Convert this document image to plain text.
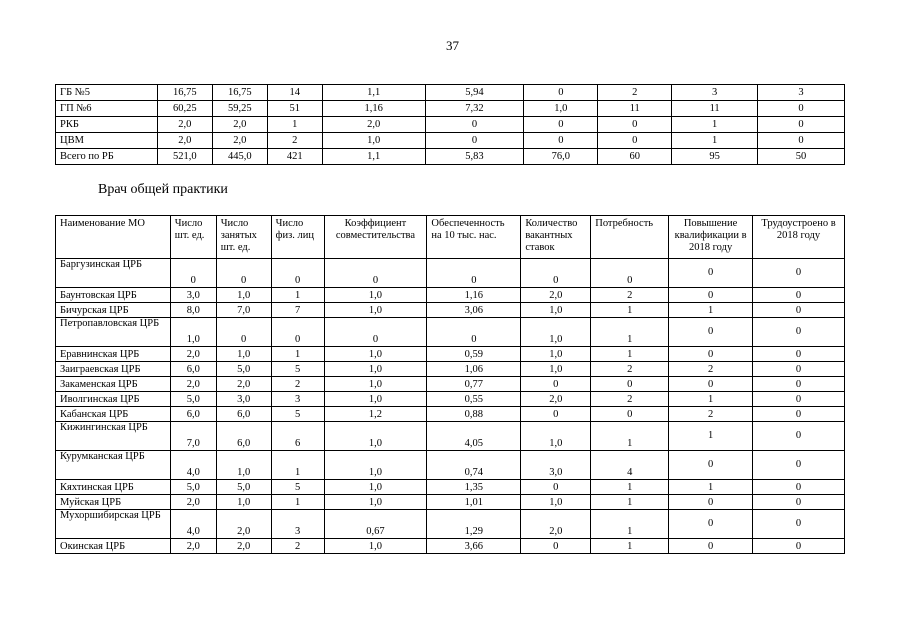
37
ГБ №5	16,75	16,75	14	1,1	5,94	0	2	3	3
ГП №6	60,25	59,25	51	1,16	7,32	1,0	11	11	0
РКБ	2,0	2,0	1	2,0	0	0	0	1	0
ЦВМ	2,0	2,0	2	1,0	0	0	0	1	0
Всего по РБ	521,0	445,0	421	1,1	5,83	76,0	60	95	50
Врач общей практики
Наименование МО	Число шт. ед.	Число занятых шт. ед.	Число физ. лиц	Коэффициент совместительства	Обеспеченность на 10 тыс. нас.	Количество вакантных ставок	Потребность	Повышение квалификации в 2018 году	Трудоустроено в 2018 году
Баргузинская ЦРБ	0	0	0	0	0	0	0	0	0
Баунтовская ЦРБ	3,0	1,0	1	1,0	1,16	2,0	2	0	0
Бичурская ЦРБ	8,0	7,0	7	1,0	3,06	1,0	1	1	0
Петропавловская ЦРБ	1,0	0	0	0	0	1,0	1	0	0
Еравнинская ЦРБ	2,0	1,0	1	1,0	0,59	1,0	1	0	0
Заиграевская ЦРБ	6,0	5,0	5	1,0	1,06	1,0	2	2	0
Закаменская ЦРБ	2,0	2,0	2	1,0	0,77	0	0	0	0
Иволгинская ЦРБ	5,0	3,0	3	1,0	0,55	2,0	2	1	0
Кабанская ЦРБ	6,0	6,0	5	1,2	0,88	0	0	2	0
Кижингинская ЦРБ	7,0	6,0	6	1,0	4,05	1,0	1	1	0
Курумканская ЦРБ	4,0	1,0	1	1,0	0,74	3,0	4	0	0
Кяхтинская ЦРБ	5,0	5,0	5	1,0	1,35	0	1	1	0
Муйская ЦРБ	2,0	1,0	1	1,0	1,01	1,0	1	0	0
Мухоршибирская ЦРБ	4,0	2,0	3	0,67	1,29	2,0	1	0	0
Окинская ЦРБ	2,0	2,0	2	1,0	3,66	0	1	0	0
